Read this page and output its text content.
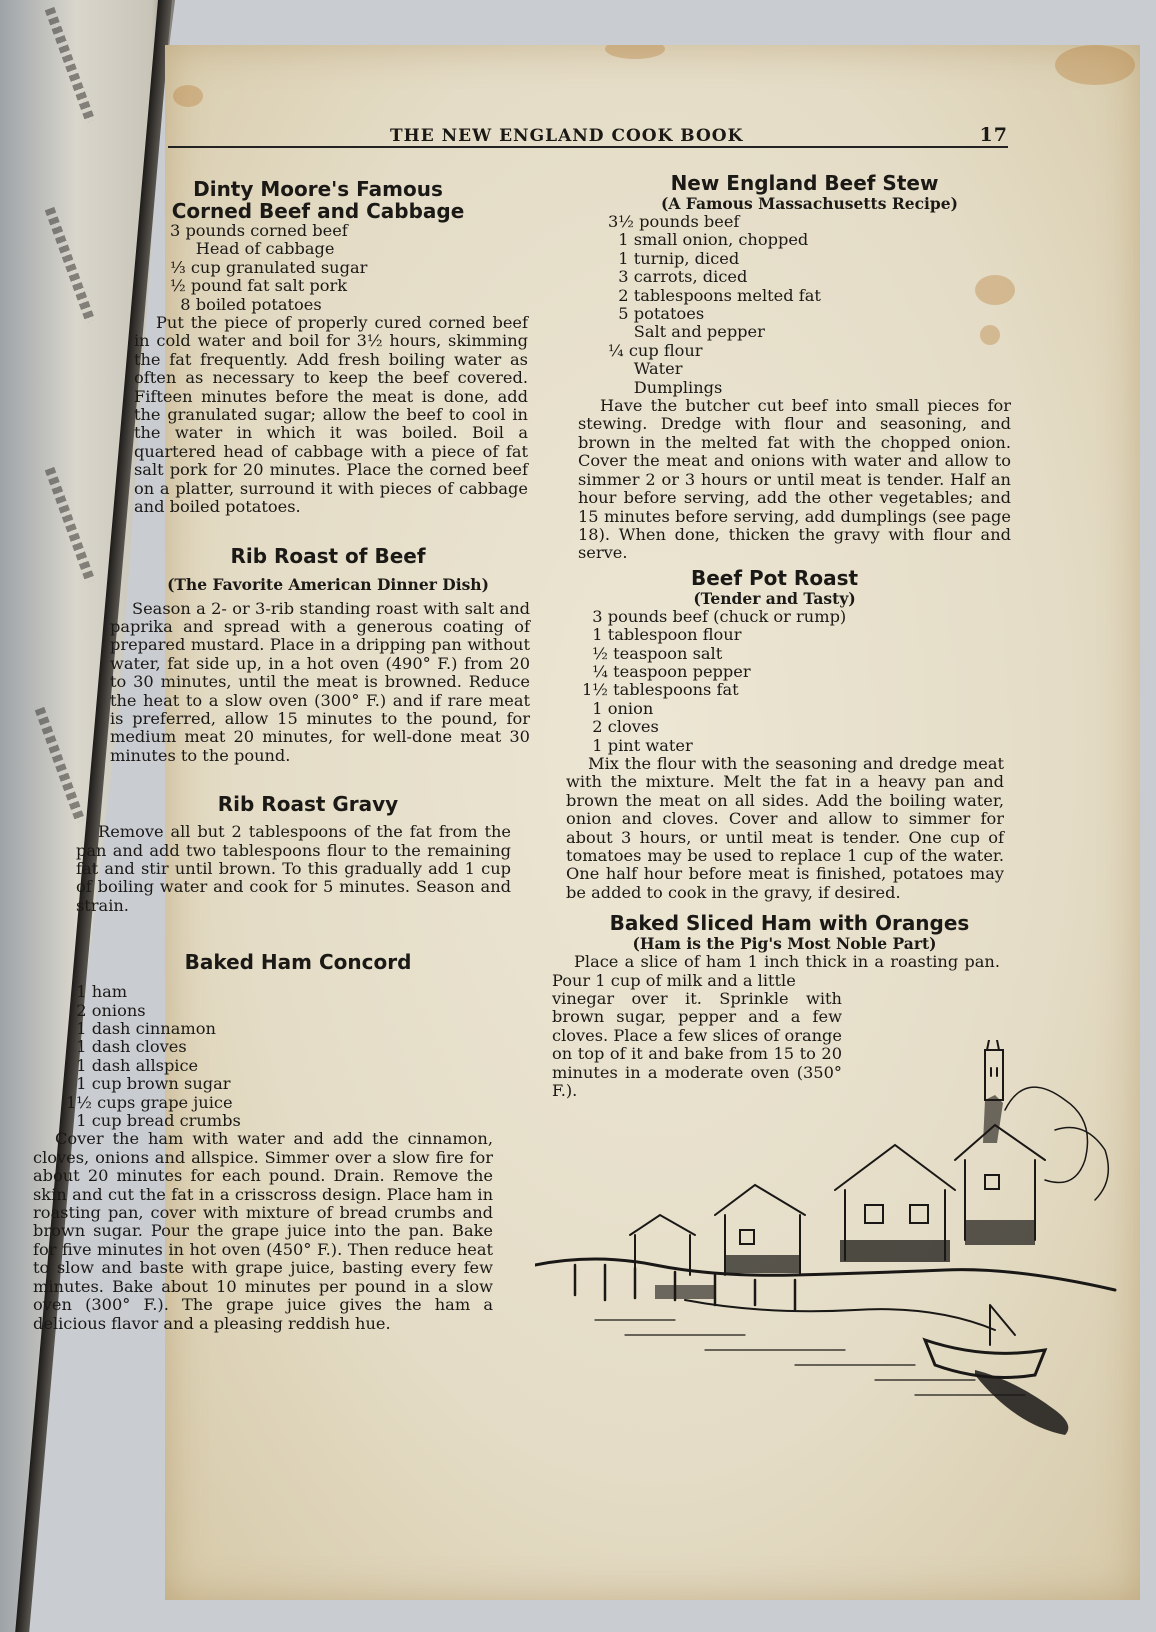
THE NEW ENGLAND COOK BOOK	17

Dinty Moore's Famous

Corned Beef and Cabbage

3 pounds corned beef
Head of cabbage
⅓ cup granulated sugar
½ pound fat salt pork
8 boiled potatoes

Put the piece of properly cured corned beef in cold water and boil for 3½ hours, skimming the fat frequently. Add fresh boiling water as often as necessary to keep the beef covered. Fifteen minutes before the meat is done, add the granulated sugar; allow the beef to cool in the water in which it was boiled. Boil a quartered head of cabbage with a piece of fat salt pork for 20 minutes. Place the corned beef on a platter, surround it with pieces of cabbage and boiled potatoes.

Rib Roast of Beef

(The Favorite American Dinner Dish)

Season a 2- or 3-rib standing roast with salt and paprika and spread with a generous coating of prepared mustard. Place in a dripping pan without water, fat side up, in a hot oven (490° F.) from 20 to 30 minutes, until the meat is browned. Reduce the heat to a slow oven (300° F.) and if rare meat is preferred, allow 15 minutes to the pound, for medium meat 20 minutes, for well-done meat 30 minutes to the pound.

Rib Roast Gravy

Remove all but 2 tablespoons of the fat from the pan and add two tablespoons flour to the remaining fat and stir until brown. To this gradually add 1 cup of boiling water and cook for 5 minutes. Season and strain.

Baked Ham Concord

1 ham
2 onions
1 dash cinnamon
1 dash cloves
1 dash allspice
1 cup brown sugar
1½ cups grape juice
1 cup bread crumbs

Cover the ham with water and add the cinnamon, cloves, onions and allspice. Simmer over a slow fire for about 20 minutes for each pound. Drain. Remove the skin and cut the fat in a crisscross design. Place ham in roasting pan, cover with mixture of bread crumbs and brown sugar. Pour the grape juice into the pan. Bake for five minutes in hot oven (450° F.). Then reduce heat to slow and baste with grape juice, basting every few minutes. Bake about 10 minutes per pound in a slow oven (300° F.). The grape juice gives the ham a delicious flavor and a pleasing reddish hue.

New England Beef Stew

(A Famous Massachusetts Recipe)

3½ pounds beef
1 small onion, chopped
1 turnip, diced
3 carrots, diced
2 tablespoons melted fat
5 potatoes
Salt and pepper
¼ cup flour
Water
Dumplings

Have the butcher cut beef into small pieces for stewing. Dredge with flour and seasoning, and brown in the melted fat with the chopped onion. Cover the meat and onions with water and allow to simmer 2 or 3 hours or until meat is tender. Half an hour before serving, add the other vegetables; and 15 minutes before serving, add dumplings (see page 18). When done, thicken the gravy with flour and serve.

Beef Pot Roast

(Tender and Tasty)

3 pounds beef (chuck or rump)
1 tablespoon flour
½ teaspoon salt
¼ teaspoon pepper
1½ tablespoons fat
1 onion
2 cloves
1 pint water

Mix the flour with the seasoning and dredge meat with the mixture. Melt the fat in a heavy pan and brown the meat on all sides. Add the boiling water, onion and cloves. Cover and allow to simmer for about 3 hours, or until meat is tender. One cup of tomatoes may be used to replace 1 cup of the water. One half hour before meat is finished, potatoes may be added to cook in the gravy, if desired.

Baked Sliced Ham with Oranges

(Ham is the Pig's Most Noble Part)

Place a slice of ham 1 inch thick in a roasting pan. Pour 1 cup of milk and a little

vinegar over it. Sprinkle with brown sugar, pepper and a few cloves. Place a few slices of orange on top of it and bake from 15 to 20 minutes in a moderate oven (350° F.).
